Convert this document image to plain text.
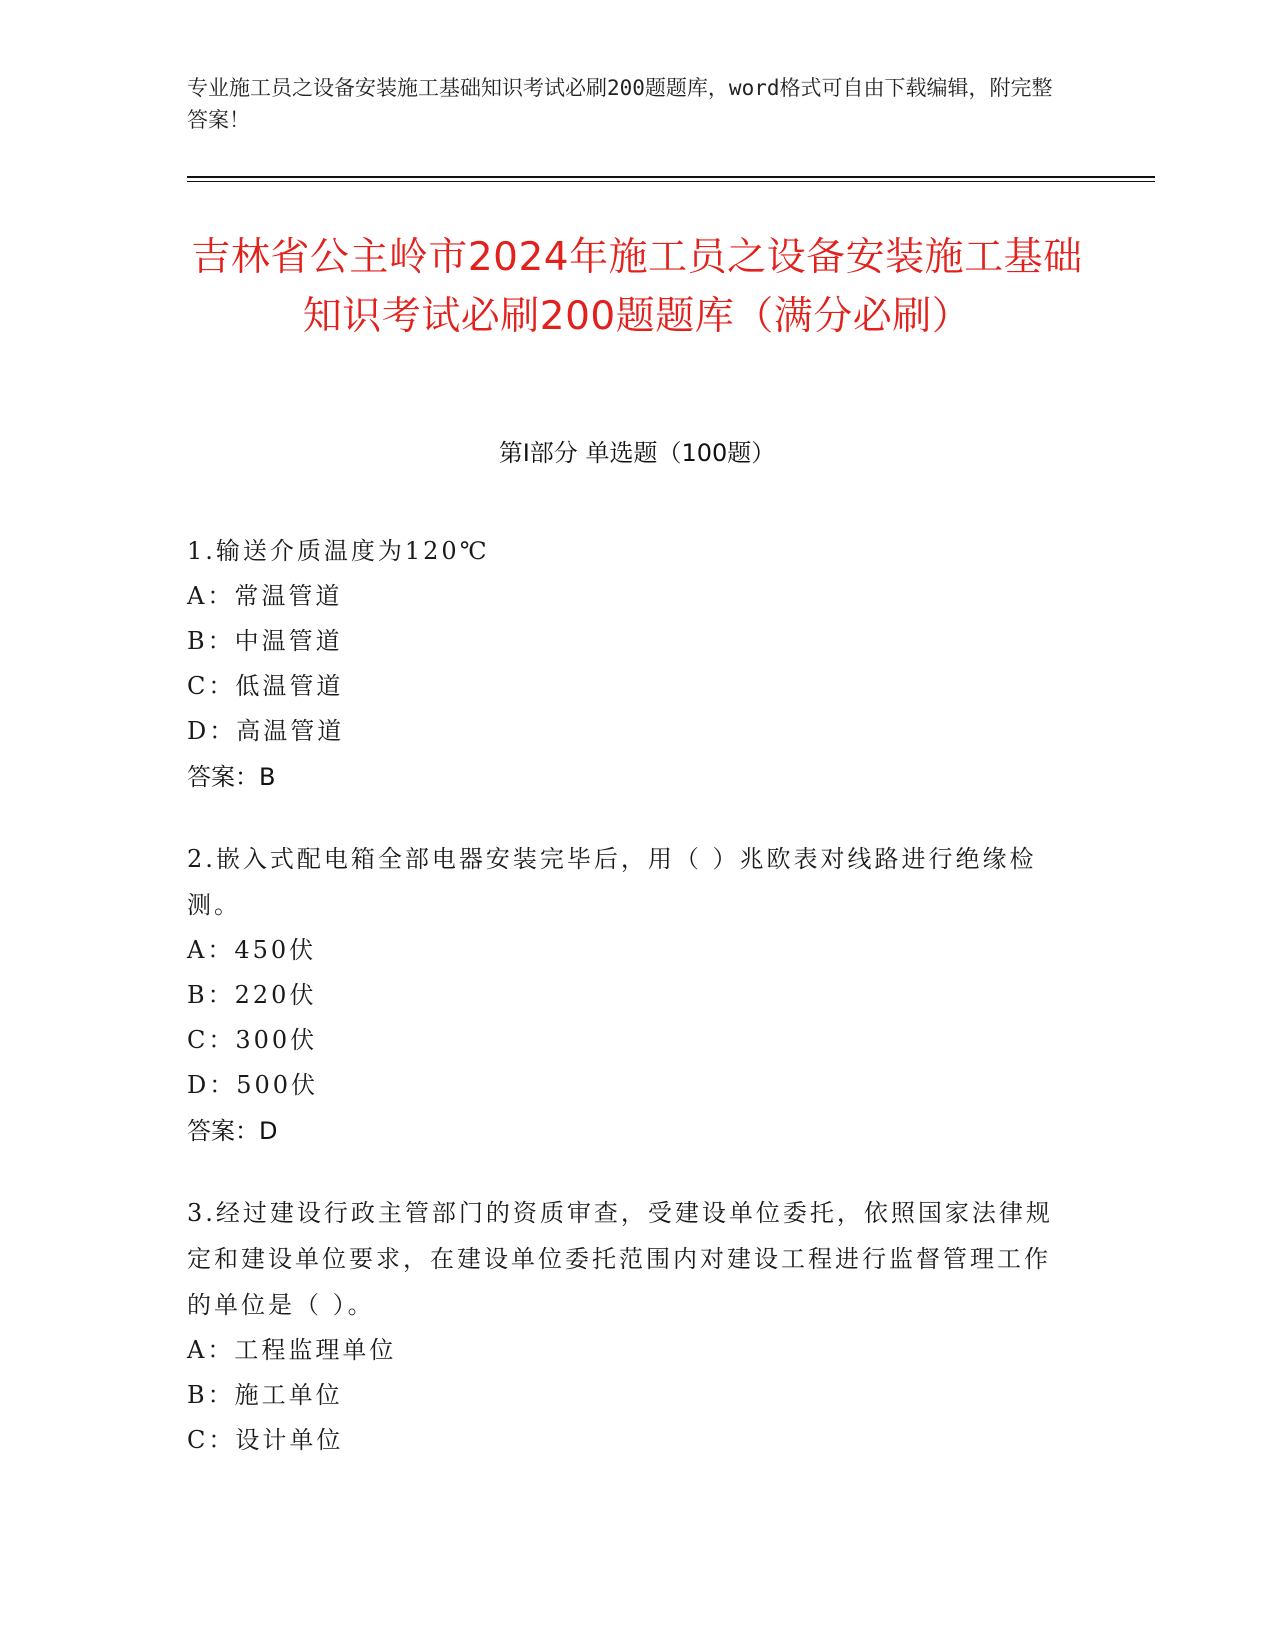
专业施工员之设备安装施工基础知识考试必刷200题题库，word格式可自由下载编辑，附完整答案！
吉林省公主岭市2024年施工员之设备安装施工基础知识考试必刷200题题库（满分必刷）
第I部分 单选题（100题）

1.输送介质温度为120℃

A：常温管道

B：中温管道

C：低温管道

D：高温管道

答案：B

2.嵌入式配电箱全部电器安装完毕后，用（ ）兆欧表对线路进行绝缘检测。

A：450伏

B：220伏

C：300伏

D：500伏

答案：D

3.经过建设行政主管部门的资质审查，受建设单位委托，依照国家法律规定和建设单位要求，在建设单位委托范围内对建设工程进行监督管理工作的单位是（ ）。

A：工程监理单位

B：施工单位

C：设计单位
